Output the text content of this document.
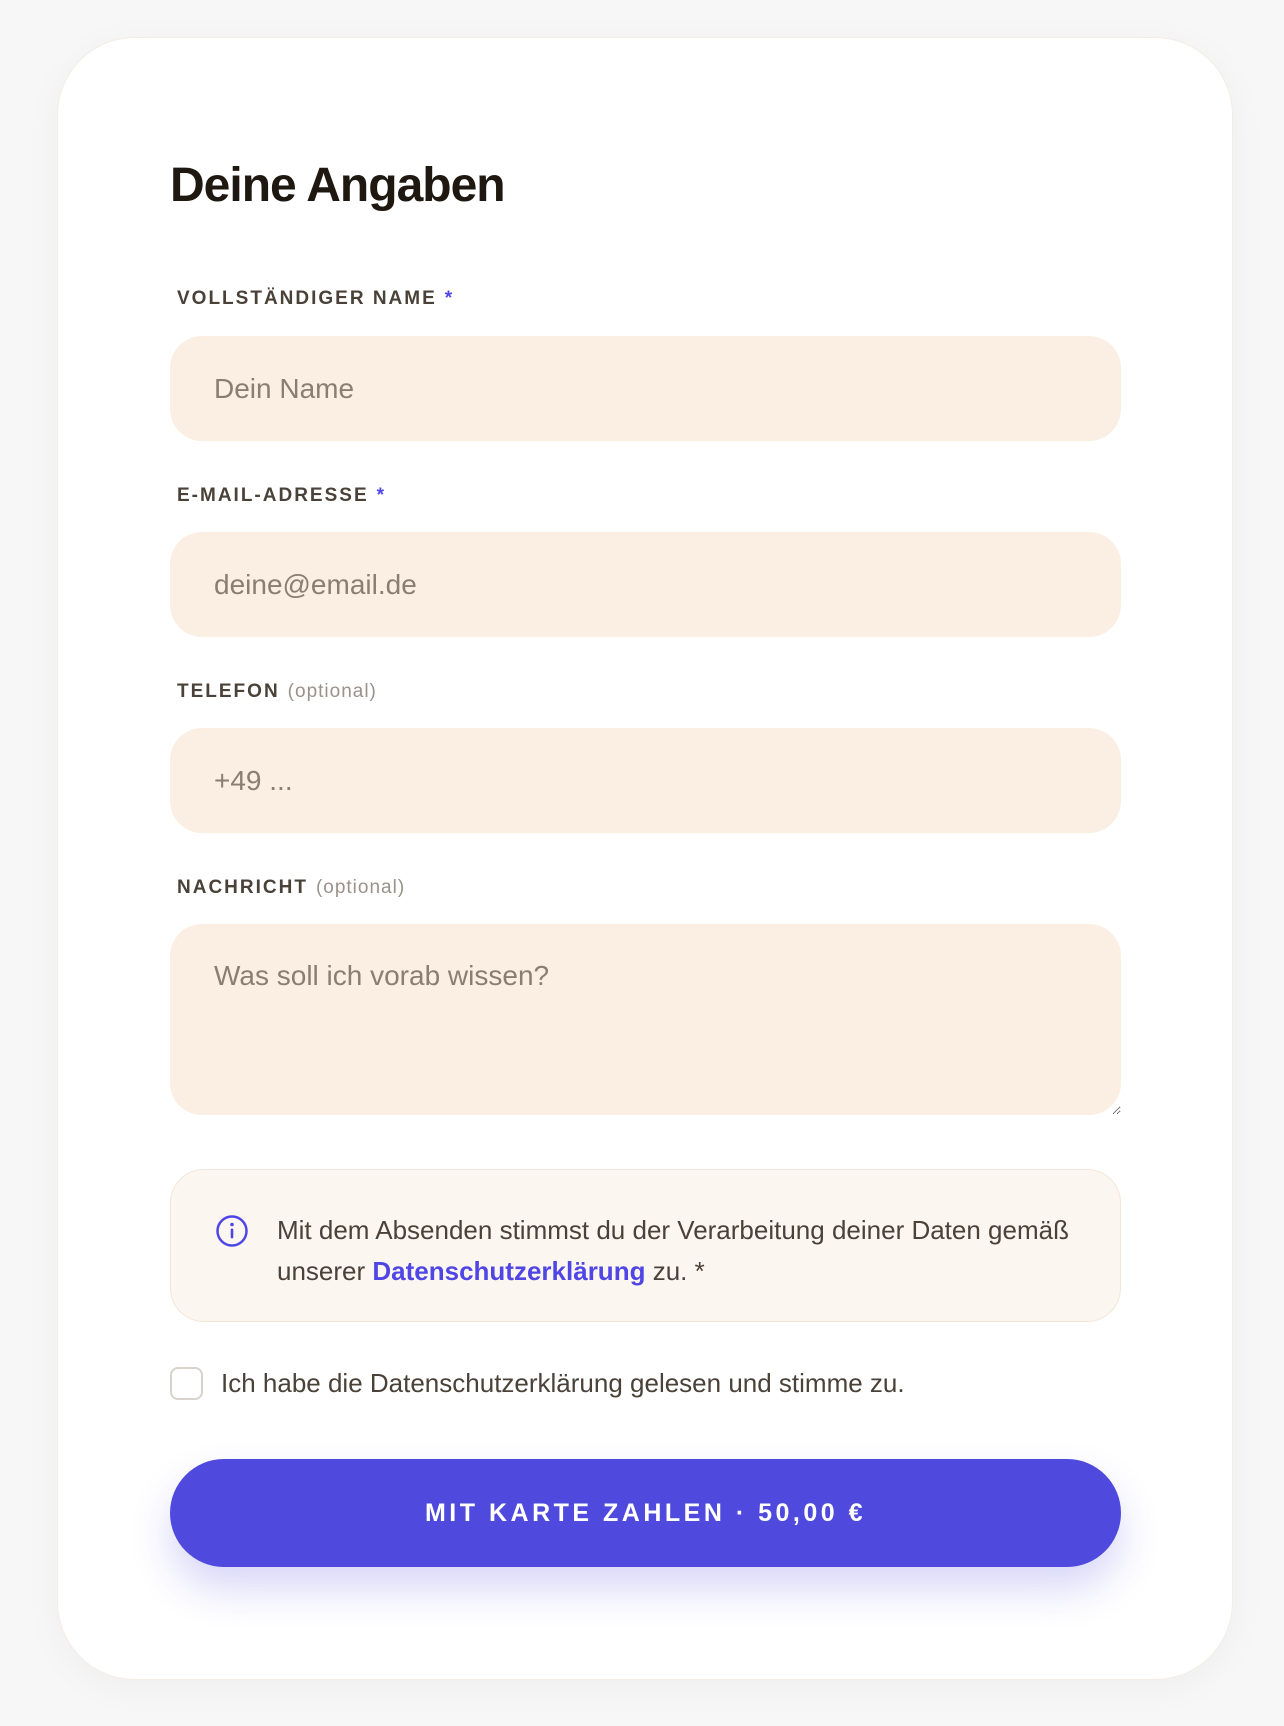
Deine Angaben
VOLLSTÄNDIGER NAME *
Dein Name
E-MAIL-ADRESSE *
deine@email.de
TELEFON (optional)
+49 ...
NACHRICHT (optional)
Was soll ich vorab wissen?
Mit dem Absenden stimmst du der Verarbeitung deiner Daten gemäß unserer Datenschutzerklärung zu. *
Ich habe die Datenschutzerklärung gelesen und stimme zu.
MIT KARTE ZAHLEN · 50,00 €
